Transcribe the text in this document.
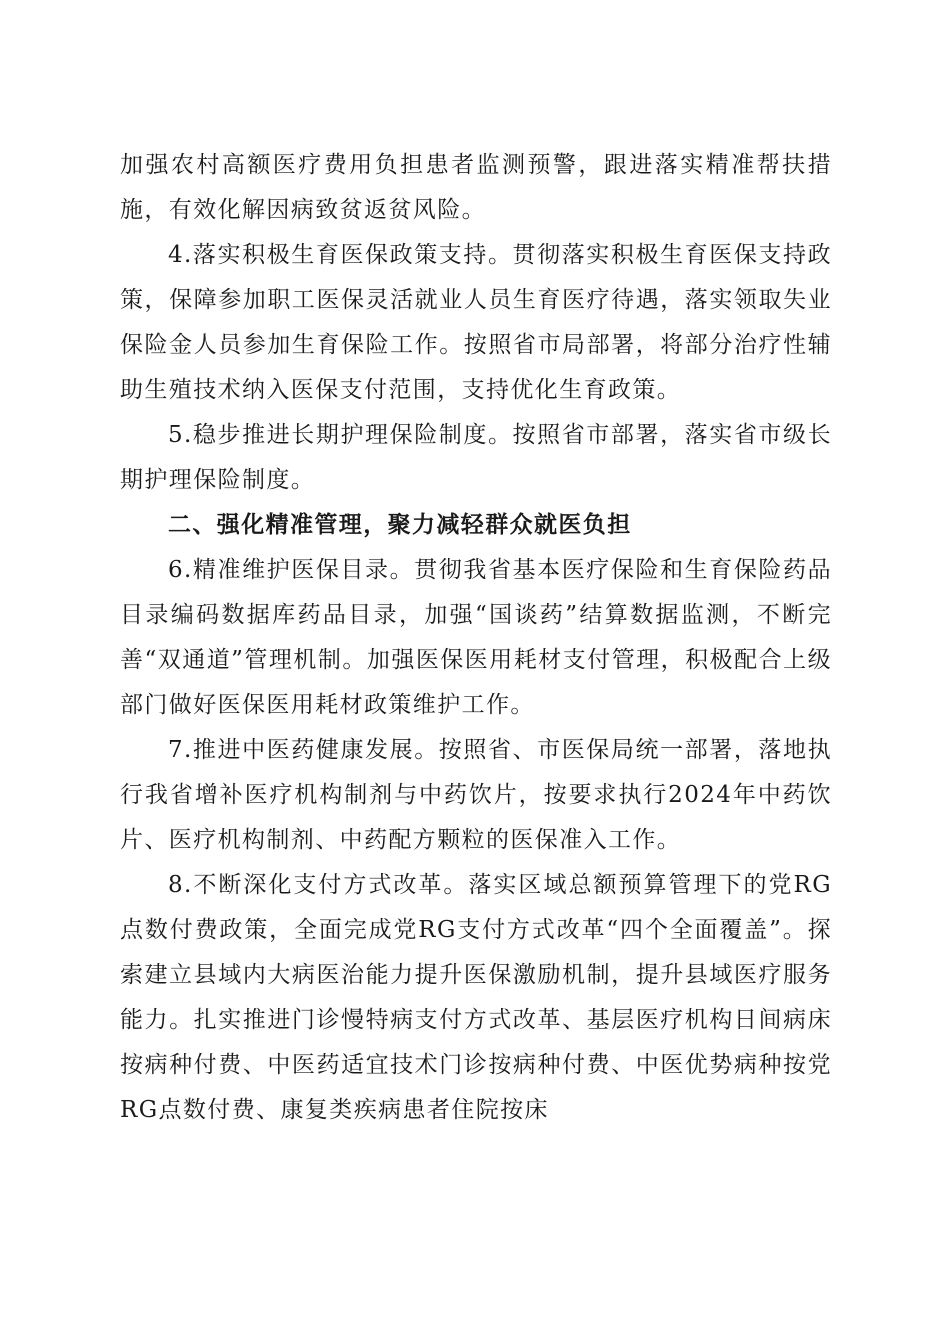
加强农村高额医疗费用负担患者监测预警，跟进落实精准帮扶措施，有效化解因病致贫返贫风险。

4.落实积极生育医保政策支持。贯彻落实积极生育医保支持政策，保障参加职工医保灵活就业人员生育医疗待遇，落实领取失业保险金人员参加生育保险工作。按照省市局部署，将部分治疗性辅助生殖技术纳入医保支付范围，支持优化生育政策。

5.稳步推进长期护理保险制度。按照省市部署，落实省市级长期护理保险制度。

二、强化精准管理，聚力减轻群众就医负担

6.精准维护医保目录。贯彻我省基本医疗保险和生育保险药品目录编码数据库药品目录，加强“国谈药”结算数据监测，不断完善“双通道”管理机制。加强医保医用耗材支付管理，积极配合上级部门做好医保医用耗材政策维护工作。

7.推进中医药健康发展。按照省、市医保局统一部署，落地执行我省增补医疗机构制剂与中药饮片，按要求执行2024年中药饮片、医疗机构制剂、中药配方颗粒的医保准入工作。

8.不断深化支付方式改革。落实区域总额预算管理下的党RG点数付费政策，全面完成党RG支付方式改革“四个全面覆盖”。探索建立县域内大病医治能力提升医保激励机制，提升县域医疗服务能力。扎实推进门诊慢特病支付方式改革、基层医疗机构日间病床按病种付费、中医药适宜技术门诊按病种付费、中医优势病种按党RG点数付费、康复类疾病患者住院按床
